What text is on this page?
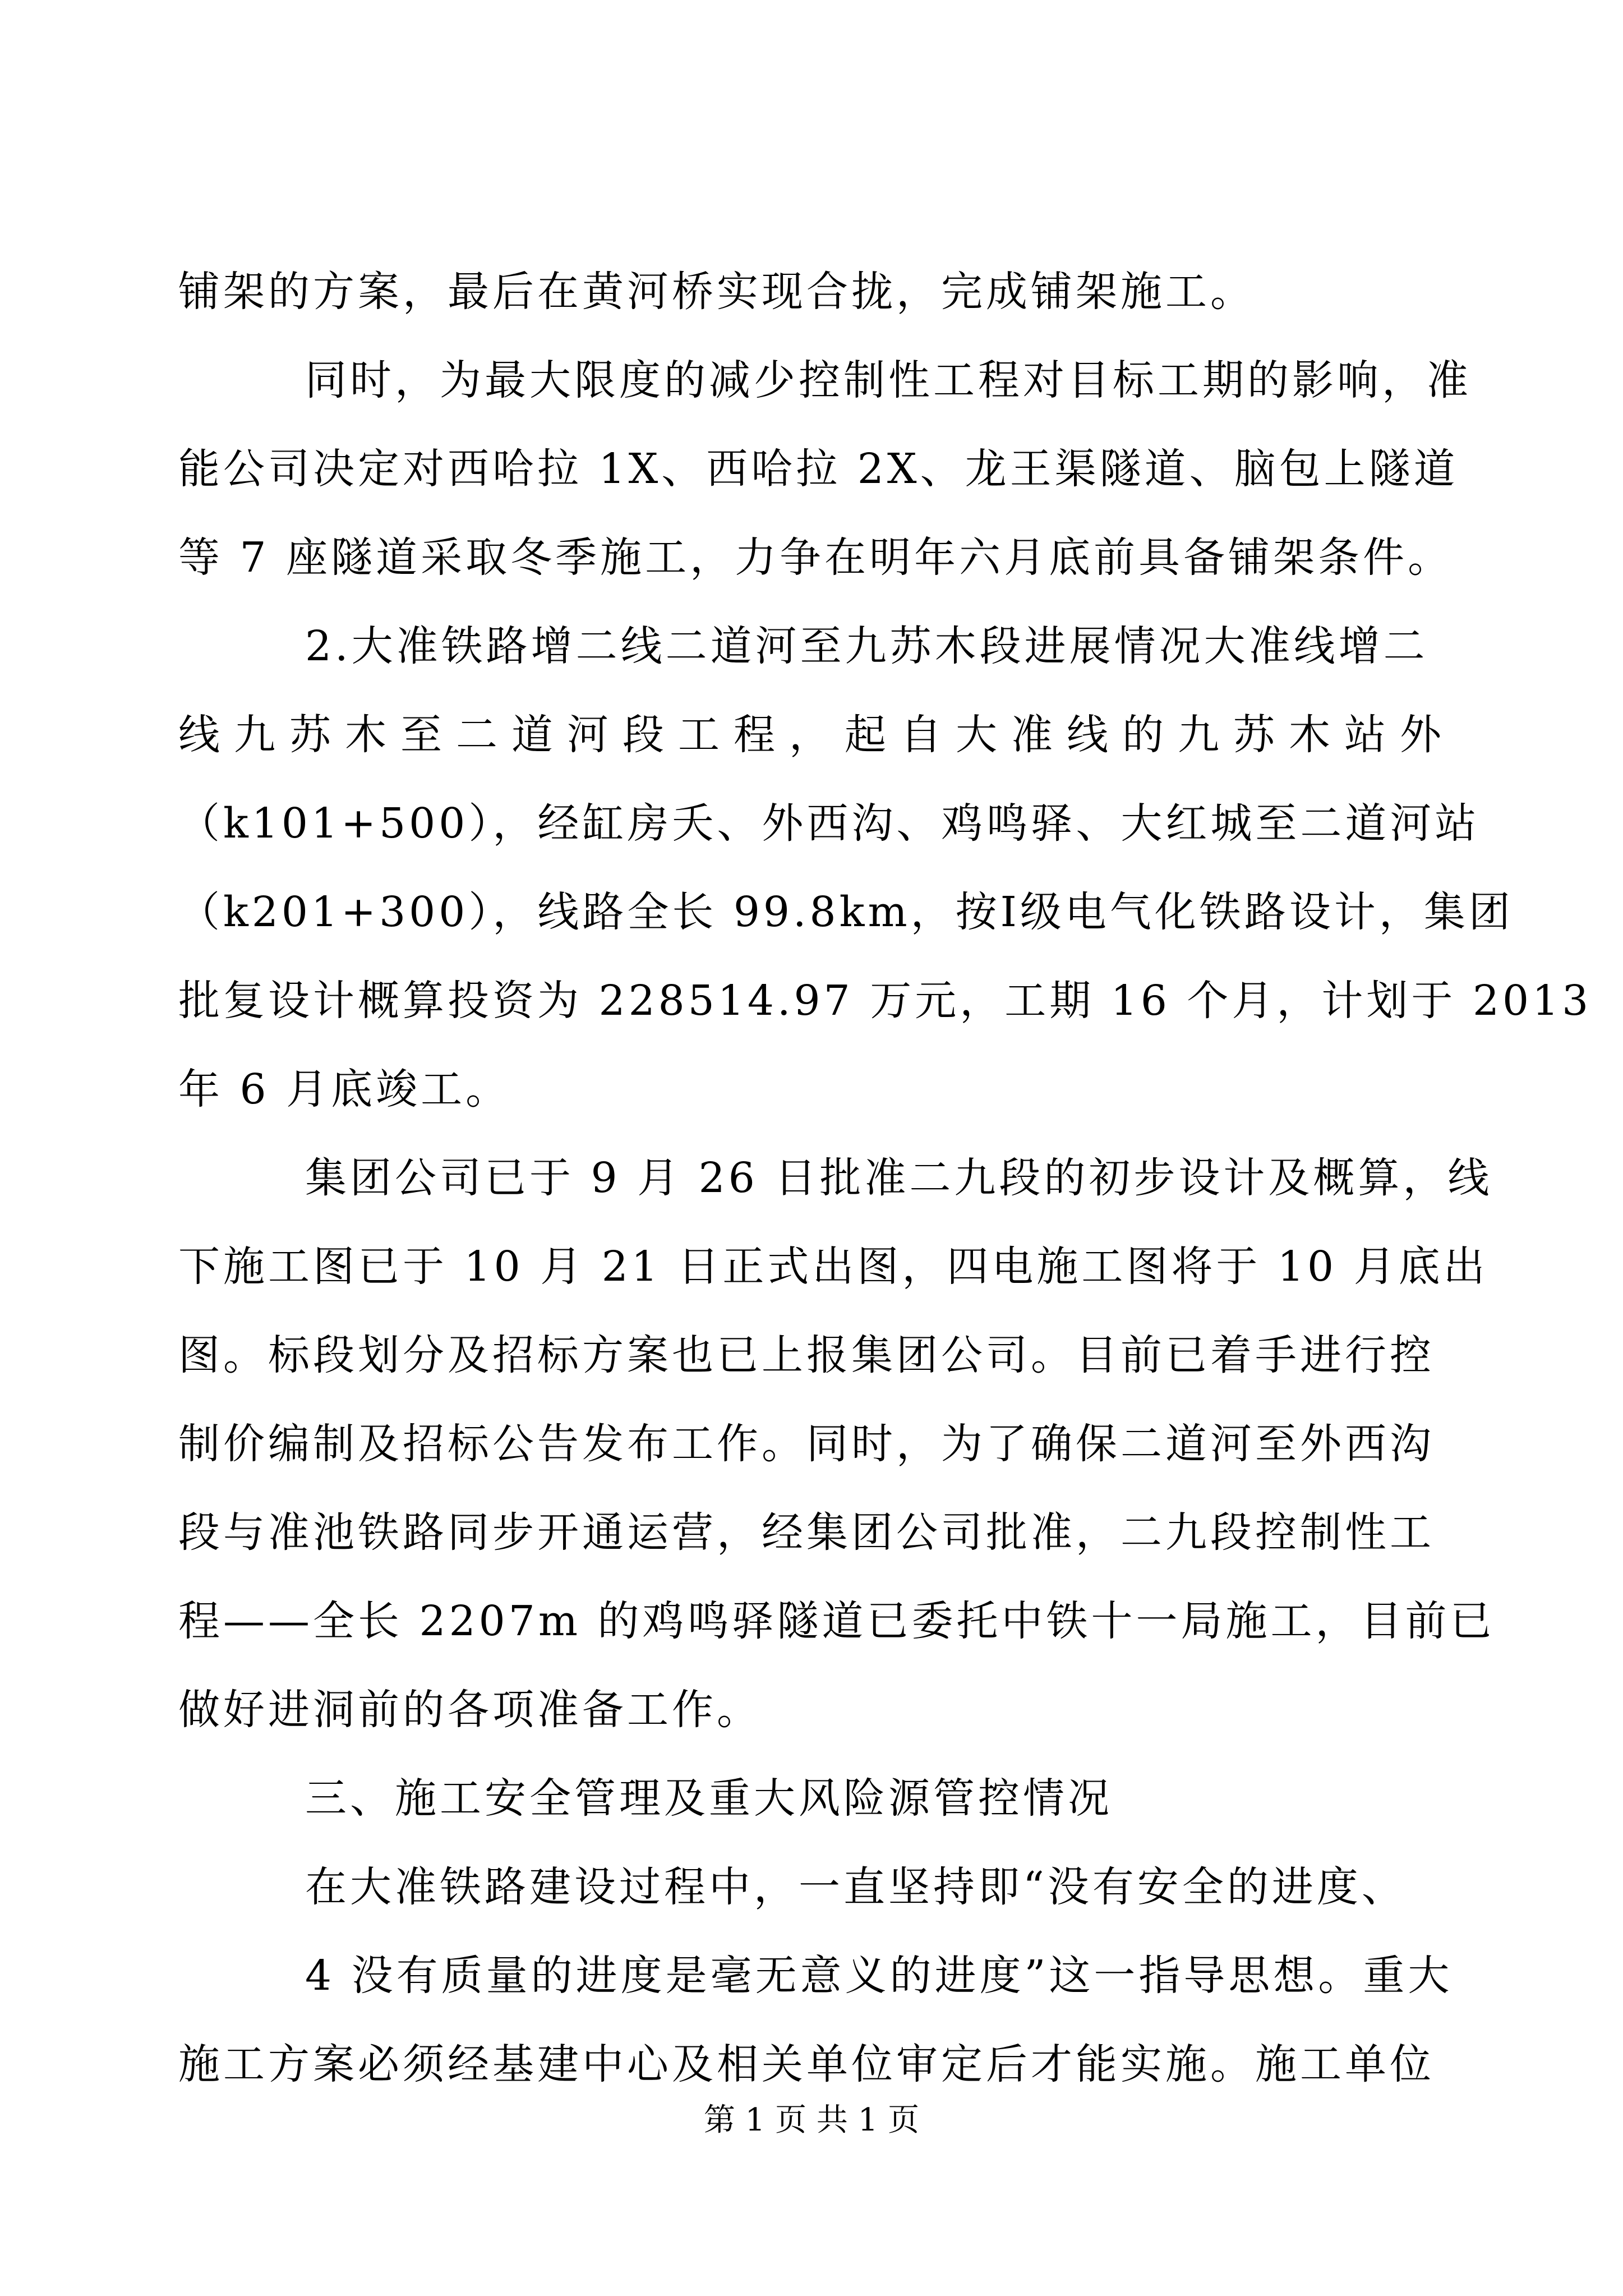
铺架的方案，最后在黄河桥实现合拢，完成铺架施工。
同时，为最大限度的减少控制性工程对目标工期的影响，准
能公司决定对西哈拉 1X、西哈拉 2X、龙王渠隧道、脑包上隧道
等 7 座隧道采取冬季施工，力争在明年六月底前具备铺架条件。
2.大准铁路增二线二道河至九苏木段进展情况大准线增二
线九苏木至二道河段工程，起自大准线的九苏木站外
（k101+500），经缸房夭、外西沟、鸡鸣驿、大红城至二道河站
（k201+300），线路全长 99.8km，按Ⅰ级电气化铁路设计，集团
批复设计概算投资为 228514.97 万元，工期 16 个月，计划于 2013
年 6 月底竣工。
集团公司已于 9 月 26 日批准二九段的初步设计及概算，线
下施工图已于 10 月 21 日正式出图，四电施工图将于 10 月底出
图。标段划分及招标方案也已上报集团公司。目前已着手进行控
制价编制及招标公告发布工作。同时，为了确保二道河至外西沟
段与准池铁路同步开通运营，经集团公司批准，二九段控制性工
程——全长 2207m 的鸡鸣驿隧道已委托中铁十一局施工，目前已
做好进洞前的各项准备工作。
三、施工安全管理及重大风险源管控情况
在大准铁路建设过程中，一直坚持即“没有安全的进度、
4 没有质量的进度是毫无意义的进度”这一指导思想。重大
施工方案必须经基建中心及相关单位审定后才能实施。施工单位
第 1 页 共 1 页
